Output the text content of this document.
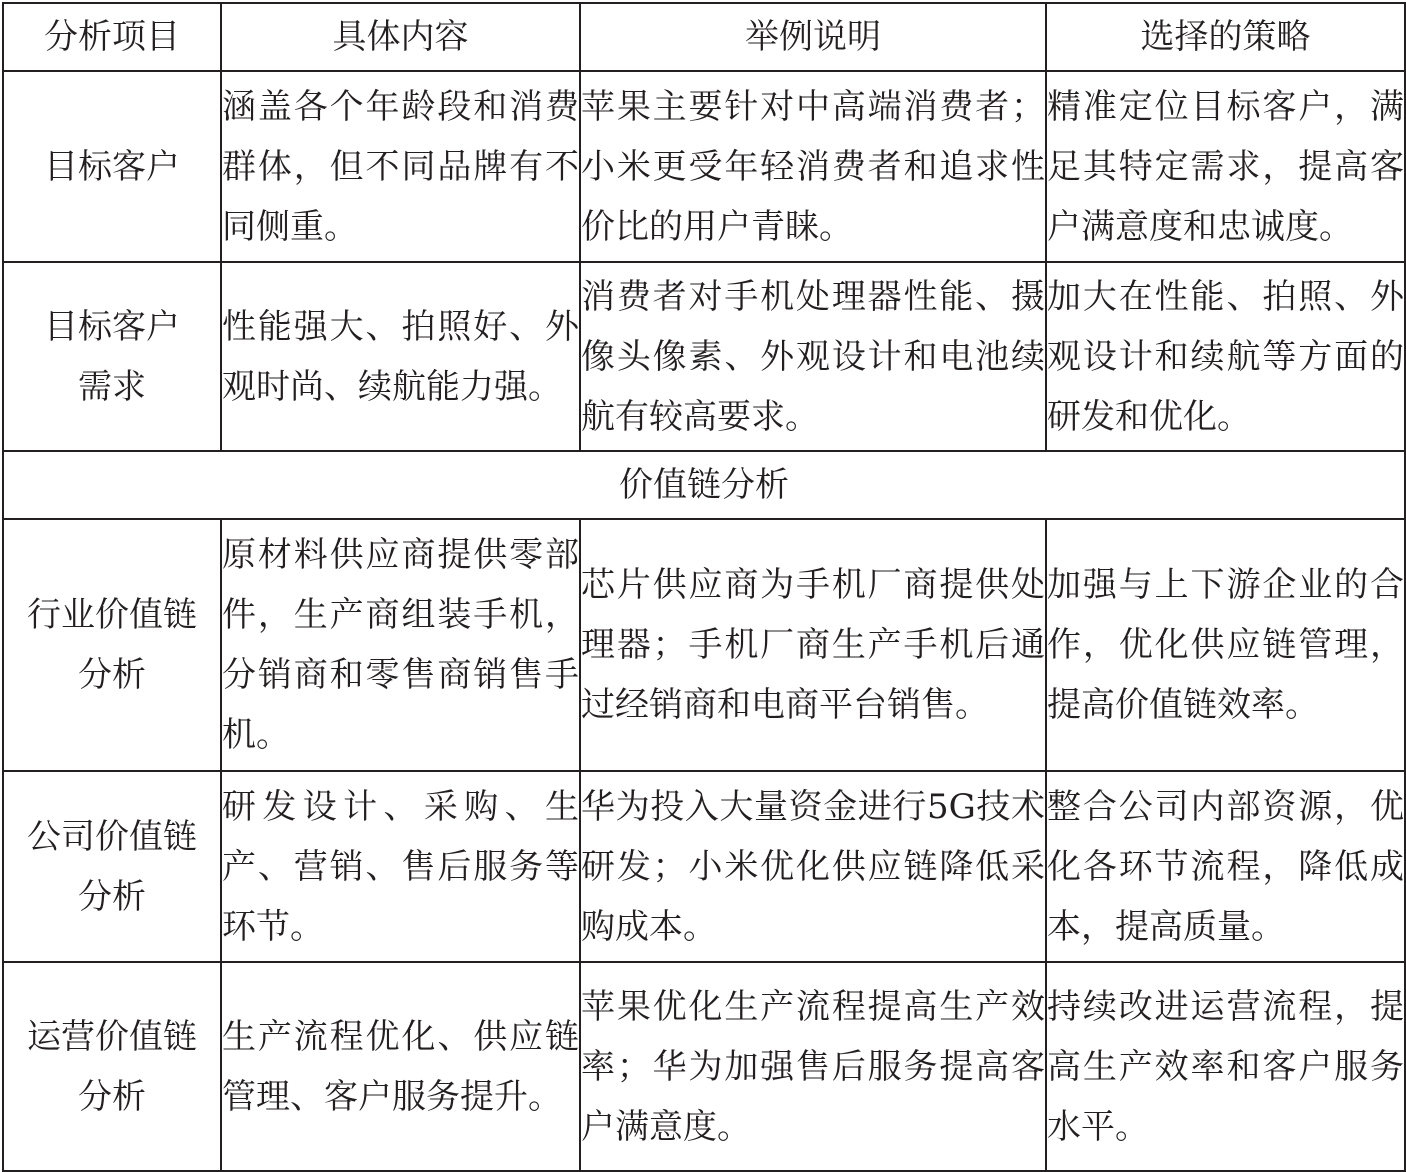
分析项目	具体内容	举例说明	选择的策略

目标客户	涵盖各个年龄段和消费群体，但不同品牌有不同侧重。	苹果主要针对中高端消费者；小米更受年轻消费者和追求性价比的用户青睐。	精准定位目标客户，满足其特定需求，提高客户满意度和忠诚度。

目标客户需求	性能强大、拍照好、外观时尚、续航能力强。	消费者对手机处理器性能、摄像头像素、外观设计和电池续航有较高要求。	加大在性能、拍照、外观设计和续航等方面的研发和优化。

价值链分析			

行业价值链分析	原材料供应商提供零部件，生产商组装手机，分销商和零售商销售手机。	芯片供应商为手机厂商提供处理器；手机厂商生产手机后通过经销商和电商平台销售。	加强与上下游企业的合作，优化供应链管理，提高价值链效率。

公司价值链分析	研发设计、采购、生产、营销、售后服务等环节。	华为投入大量资金进行5G技术研发；小米优化供应链降低采购成本。	整合公司内部资源，优化各环节流程，降低成本，提高质量。

运营价值链分析	生产流程优化、供应链管理、客户服务提升。	苹果优化生产流程提高生产效率；华为加强售后服务提高客户满意度。	持续改进运营流程，提高生产效率和客户服务水平。
